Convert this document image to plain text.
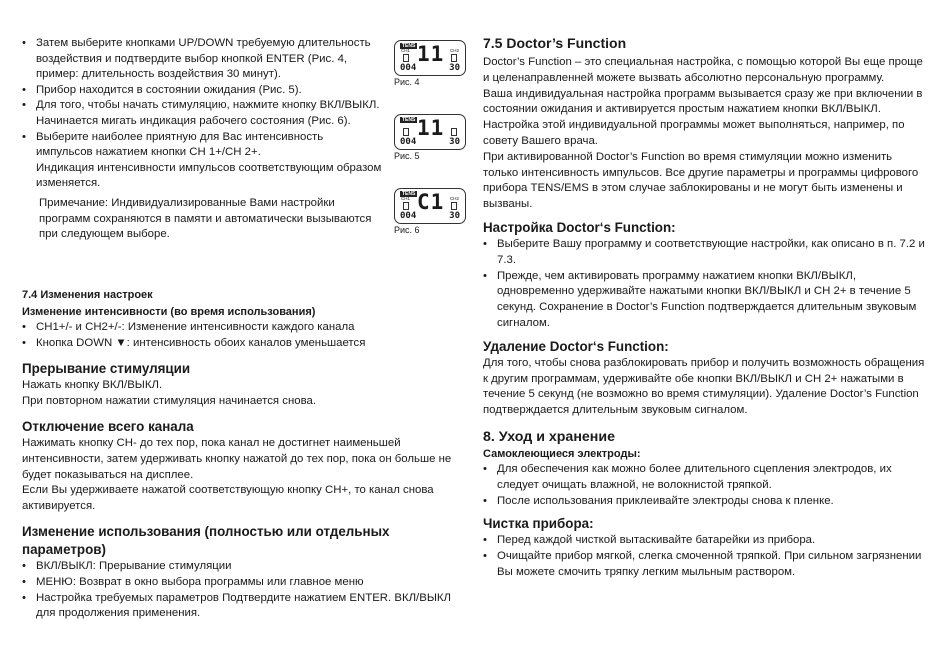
• Затем выберите кнопками UP/DOWN требуемую длительность
воздействия и подтвердите выбор кнопкой ENTER (Рис. 4, пример: длительность воздействия 30 минут).
• Прибор находится в состоянии ожидания (Рис. 5).
• Для того, чтобы начать стимуляцию, нажмите кнопку ВКЛ/ВЫКЛ. Начинается мигать индикация рабочего состояния (Рис. 6).
• Выберите наиболее приятную для Вас интенсивность импульсов нажатием кнопки CH 1+/CH 2+.
Индикация интенсивности импульсов соответствующим образом изменяется.

Примечание: Индивидуализированные Вами настройки программ сохраняются в памяти и автоматически вызываются при следующем выборе.

7.4 Изменения настроек

Изменение интенсивности (во время использования)

• CH1+/- и CH2+/-: Изменение интенсивности каждого канала
• Кнопка DOWN ▼: интенсивность обоих каналов уменьшается

Прерывание стимуляции

Нажать кнопку ВКЛ/ВЫКЛ.

При повторном нажатии стимуляция начинается снова.

Отключение всего канала

Нажимать кнопку CH- до тех пор, пока канал не достигнет наименьшей интенсивности, затем удерживать кнопку нажатой до тех пор, пока он больше не будет показываться на дисплее.

Если Вы удерживаете нажатой соответствующую кнопку CH+, то канал снова активируется.

Изменение использования (полностью или отдельных параметров)

• ВКЛ/ВЫКЛ: Прерывание стимуляции
• МЕНЮ: Возврат в окно выбора программы или главное меню
• Настройка требуемых параметров Подтвердите нажатием ENTER. ВКЛ/ВЫКЛ для продолжения применения.
TENS
CH1 11 CH2
004	30
Рис. 4
TENS 11
004	30
Рис. 5
TENS
CH1 C1 CH2
004	30
Рис. 6

7.5 Doctor’s Function

Doctor’s Function – это специальная настройка, с помощью которой Вы еще проще и целенаправленней можете вызвать абсолютно персональную программу.

Ваша индивидуальная настройка программ вызывается сразу же при включении в состоянии ожидания и активируется простым нажатием кнопки ВКЛ/ВЫКЛ.

Настройка этой индивидуальной программы может выполняться, например, по совету Вашего врача.

При активированной Doctor’s Function во время стимуляции можно изменить только интенсивность импульсов. Все другие параметры и программы цифрового прибора TENS/EMS в этом случае заблокированы и не могут быть изменены и вызваны.

Настройка Doctor‘s Function:

• Выберите Вашу программу и соответствующие настройки, как описано в п. 7.2 и 7.3.
• Прежде, чем активировать программу нажатием кнопки ВКЛ/ВЫКЛ, одновременно удерживайте нажатыми кнопки ВКЛ/ВЫКЛ и CH 2+ в течение 5 секунд. Сохранение в Doctor’s Function подтверждается длительным звуковым сигналом.

Удаление Doctor‘s Function:

Для того, чтобы снова разблокировать прибор и получить возможность обращения к другим программам, удерживайте обе кнопки ВКЛ/ВЫКЛ и CH 2+ нажатыми в течение 5 секунд (не возможно во время стимуляции). Удаление Doctor’s Function подтверждается длительным звуковым сигналом.

8. Уход и хранение

Самоклеющиеся электроды:

• Для обеспечения как можно более длительного сцепления электродов, их следует очищать влажной, не волокнистой тряпкой.
• После использования приклеивайте электроды снова к пленке.

Чистка прибора:

• Перед каждой чисткой вытаскивайте батарейки из прибора.
• Очищайте прибор мягкой, слегка смоченной тряпкой. При сильном загрязнении Вы можете смочить тряпку легким мыльным раствором.
